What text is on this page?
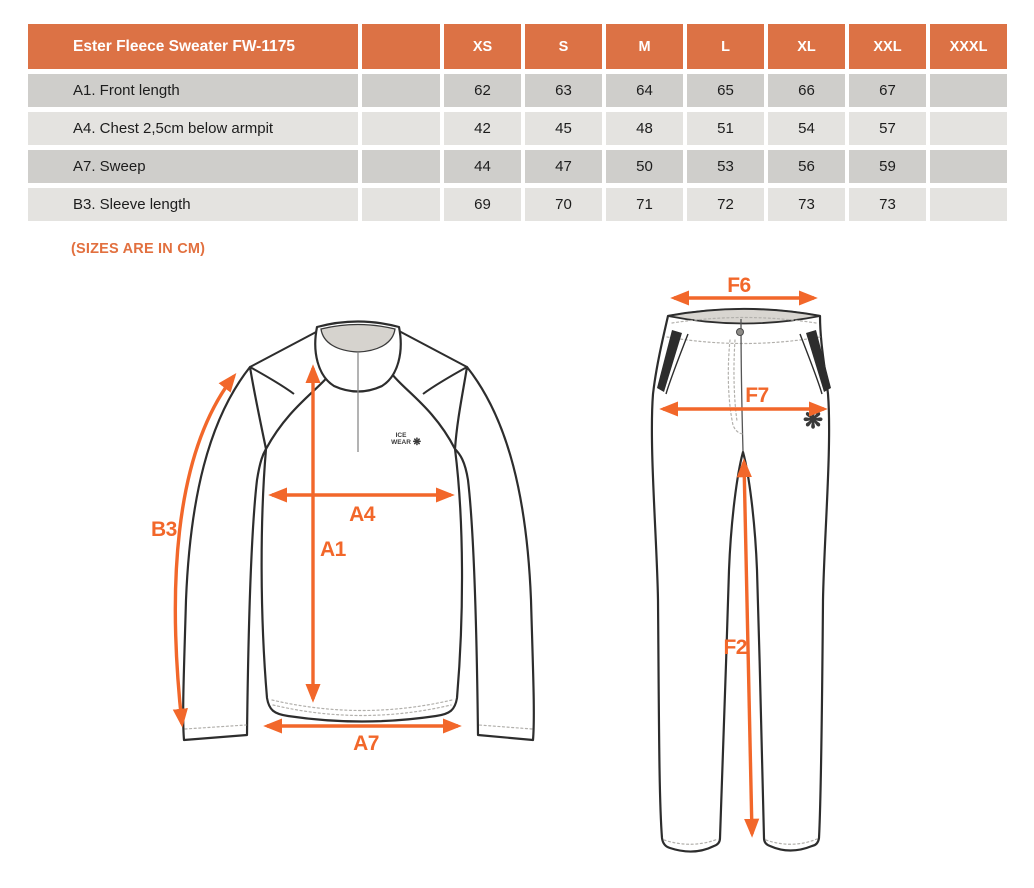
Ester Fleece Sweater FW-1175		XS	S	M	L	XL	XXL	XXXL
A1. Front length		62	63	64	65	66	67	
A4. Chest 2,5cm below armpit		42	45	48	51	54	57	
A7. Sweep		44	47	50	53	56	59	
B3. Sleeve length		69	70	71	72	73	73	
(SIZES ARE IN CM)
ICE
WEAR ❋
B3
A4
A1
A7
❋
F6
F7
F2
